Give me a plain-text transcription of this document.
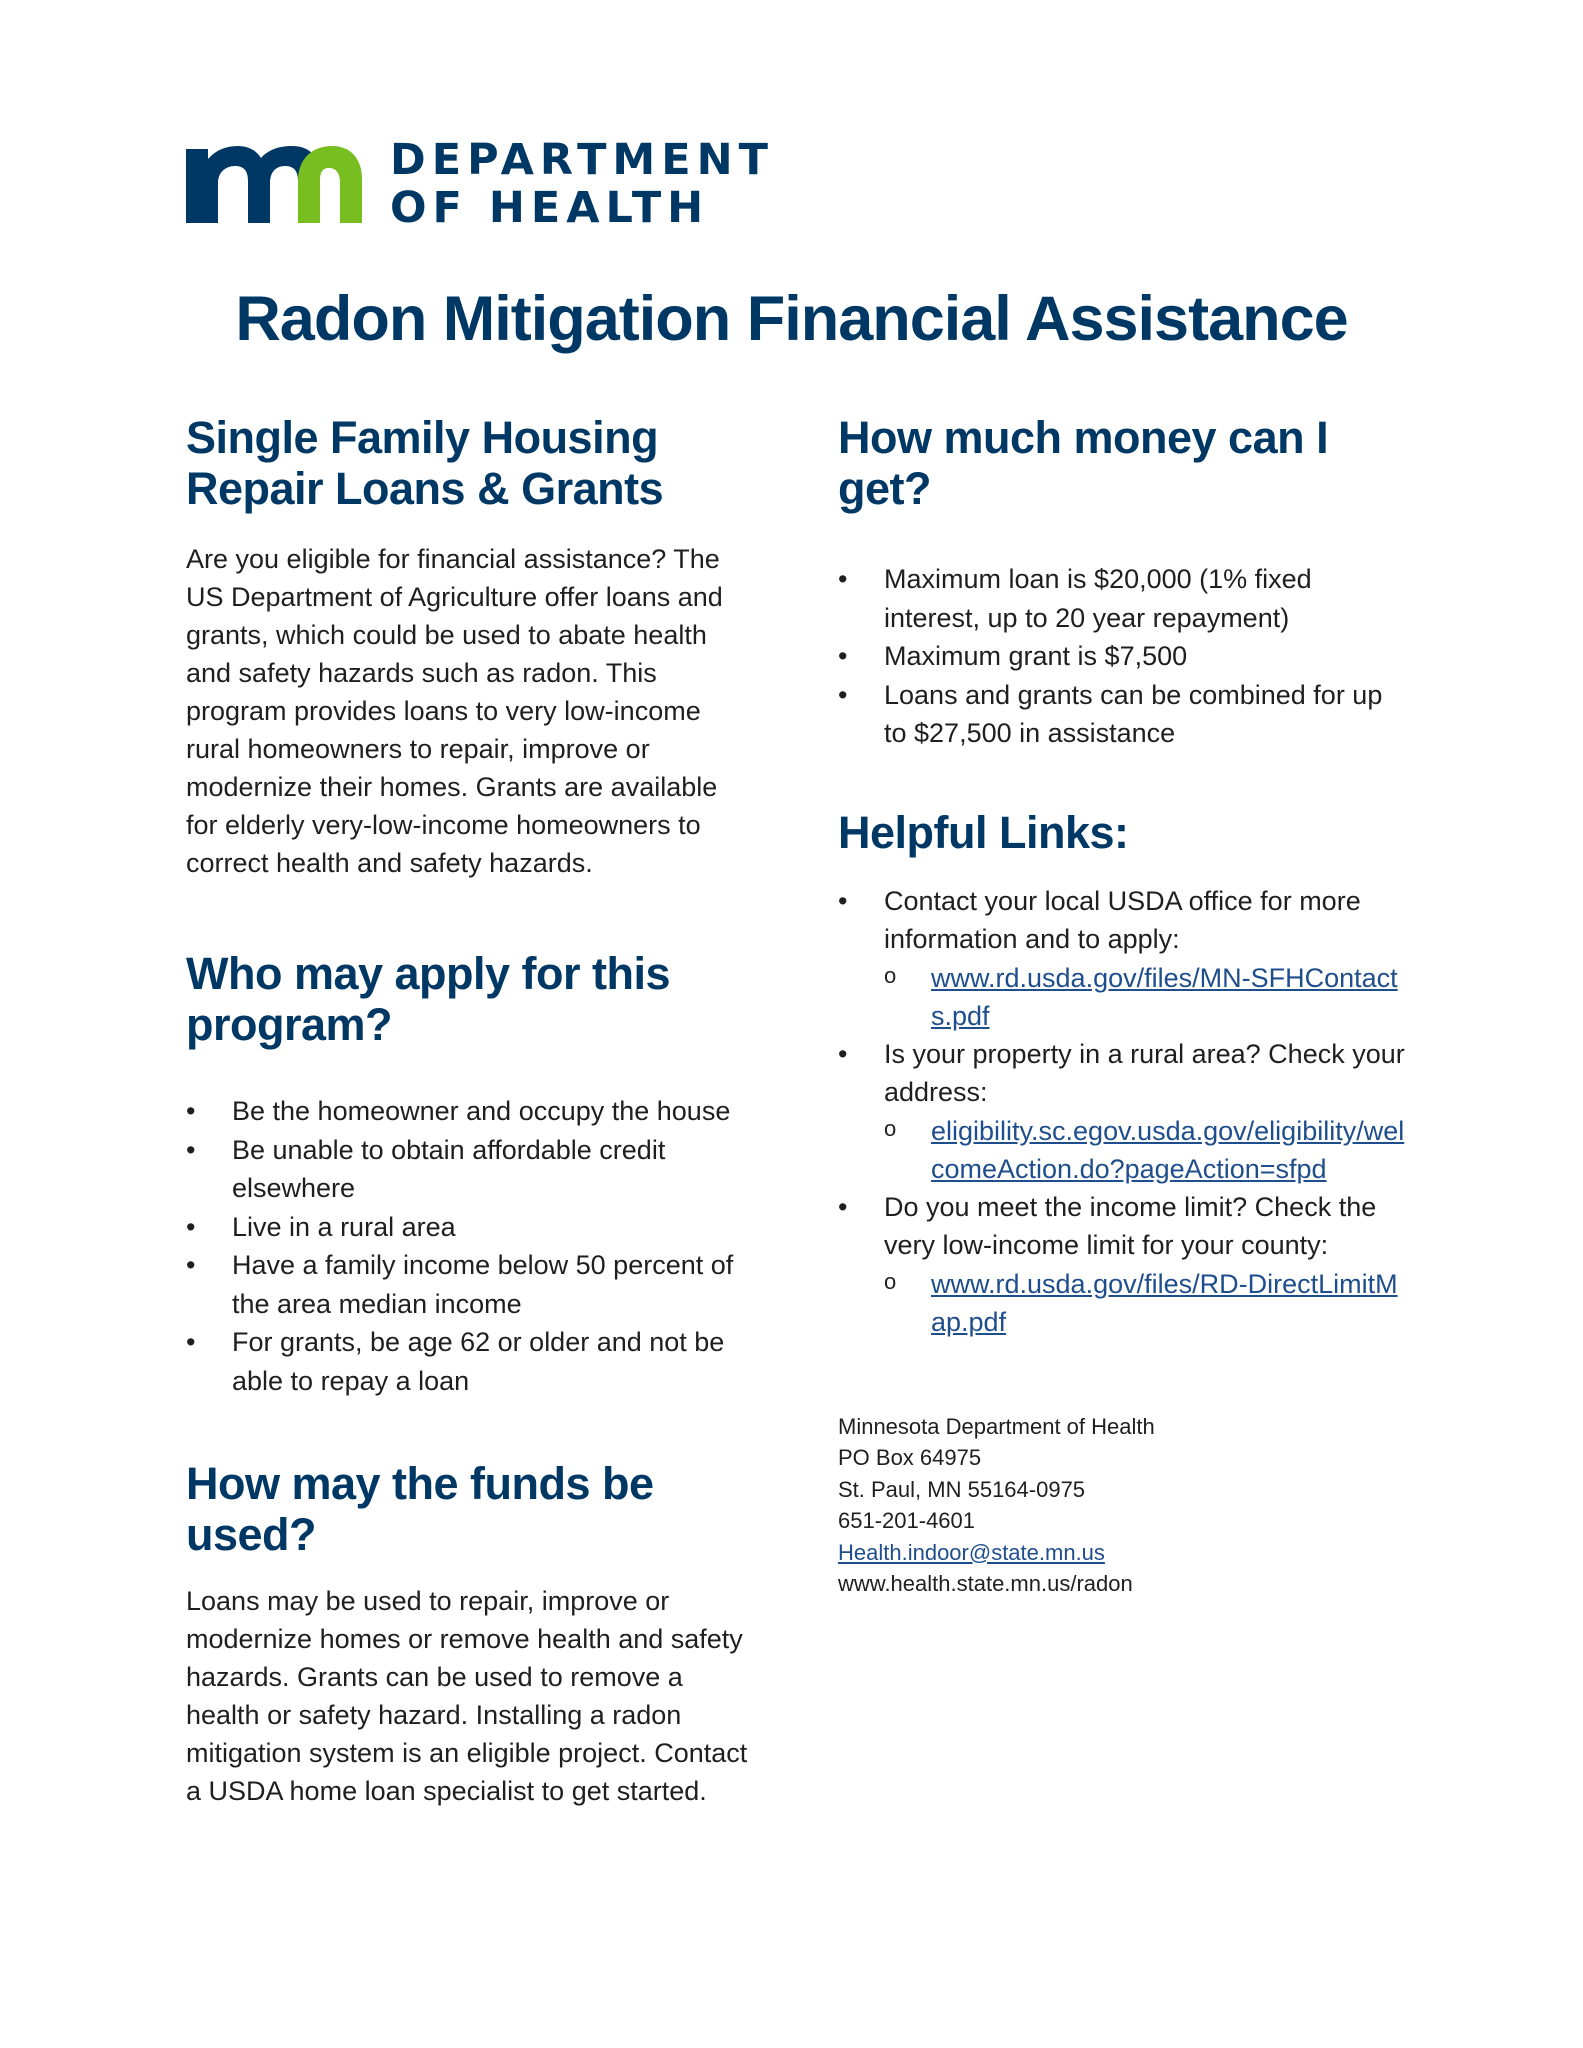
DEPARTMENT
OF HEALTH
Radon Mitigation Financial Assistance
Single Family Housing
Repair Loans & Grants

Are you eligible for financial assistance? The US Department of Agriculture offer loans and grants, which could be used to abate health and safety hazards such as radon. This program provides loans to very low-income rural homeowners to repair, improve or modernize their homes. Grants are available for elderly very-low-income homeowners to correct health and safety hazards.

Who may apply for this
program?
• Be the homeowner and occupy the house
• Be unable to obtain affordable credit elsewhere
• Live in a rural area
• Have a family income below 50 percent of the area median income
• For grants, be age 62 or older and not be able to repay a loan
How may the funds be
used?

Loans may be used to repair, improve or modernize homes or remove health and safety hazards. Grants can be used to remove a health or safety hazard. Installing a radon mitigation system is an eligible project. Contact a USDA home loan specialist to get started.

How much money can I
get?
• Maximum loan is $20,000 (1% fixed interest, up to 20 year repayment)
• Maximum grant is $7,500
• Loans and grants can be combined for up to $27,500 in assistance
Helpful Links:
• Contact your local USDA office for more information and to apply:
o www.rd.usda.gov/files/MN-SFHContacts.pdf
• Is your property in a rural area? Check your address:
o eligibility.sc.egov.usda.gov/eligibility/welcomeAction.do?pageAction=sfpd
• Do you meet the income limit? Check the very low-income limit for your county:
o www.rd.usda.gov/files/RD-DirectLimitMap.pdf
Minnesota Department of Health
PO Box 64975
St. Paul, MN 55164-0975
651-201-4601
Health.indoor@state.mn.us
www.health.state.mn.us/radon
